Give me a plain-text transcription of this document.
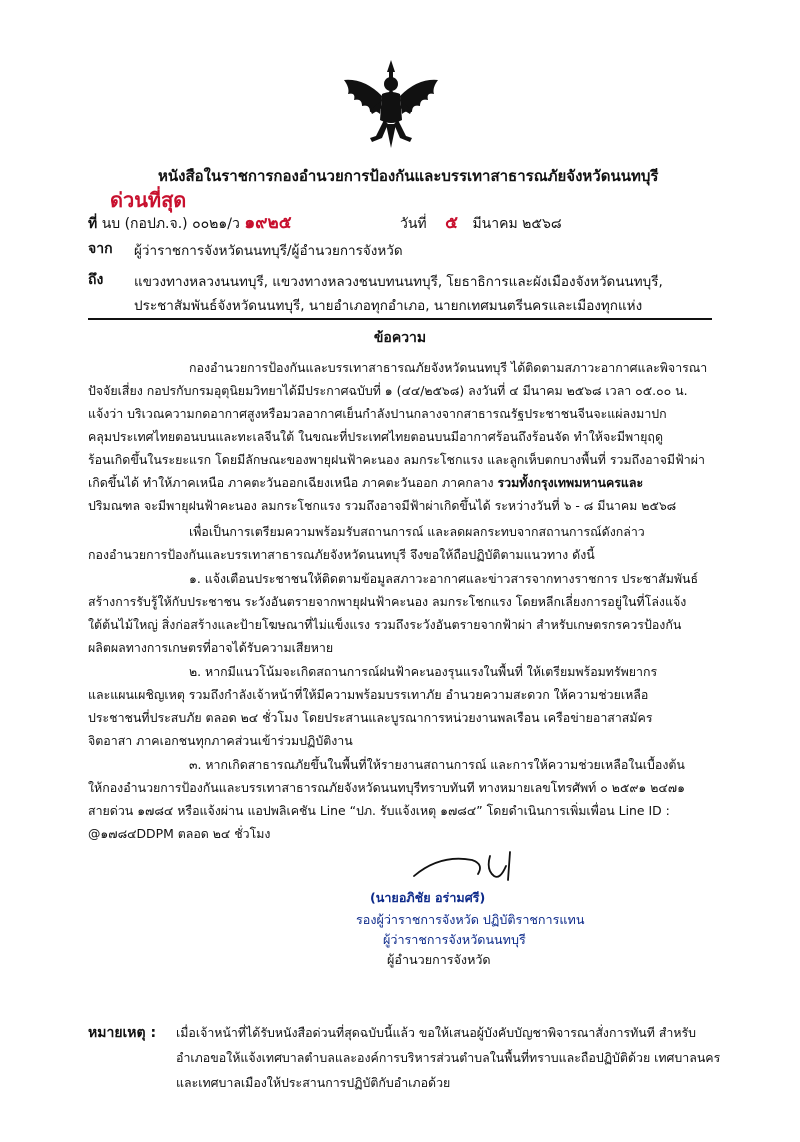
หนังสือในราชการกองอำนวยการป้องกันและบรรเทาสาธารณภัยจังหวัดนนทบุรี
ด่วนที่สุด
ที่ นบ (กอปภ.จ.) ๐๐๒๑/ว ๑๙๒๕	วันที่ ๕ มีนาคม ๒๕๖๘
จาก ผู้ว่าราชการจังหวัดนนทบุรี/ผู้อำนวยการจังหวัด
ถึง แขวงทางหลวงนนทบุรี, แขวงทางหลวงชนบทนนทบุรี, โยธาธิการและผังเมืองจังหวัดนนทบุรี,
ประชาสัมพันธ์จังหวัดนนทบุรี, นายอำเภอทุกอำเภอ, นายกเทศมนตรีนครและเมืองทุกแห่ง
ข้อความ
กองอำนวยการป้องกันและบรรเทาสาธารณภัยจังหวัดนนทบุรี ได้ติดตามสภาวะอากาศและพิจารณา
ปัจจัยเสี่ยง กอปรกับกรมอุตุนิยมวิทยาได้มีประกาศฉบับที่ ๑ (๔๔/๒๕๖๘) ลงวันที่ ๔ มีนาคม ๒๕๖๘ เวลา ๐๕.๐๐ น.
แจ้งว่า บริเวณความกดอากาศสูงหรือมวลอากาศเย็นกำลังปานกลางจากสาธารณรัฐประชาชนจีนจะแผ่ลงมาปก
คลุมประเทศไทยตอนบนและทะเลจีนใต้ ในขณะที่ประเทศไทยตอนบนมีอากาศร้อนถึงร้อนจัด ทำให้จะมีพายุฤดู
ร้อนเกิดขึ้นในระยะแรก โดยมีลักษณะของพายุฝนฟ้าคะนอง ลมกระโชกแรง และลูกเห็บตกบางพื้นที่ รวมถึงอาจมีฟ้าผ่า
เกิดขึ้นได้ ทำให้ภาคเหนือ ภาคตะวันออกเฉียงเหนือ ภาคตะวันออก ภาคกลาง รวมทั้งกรุงเทพมหานครและ
ปริมณฑล จะมีพายุฝนฟ้าคะนอง ลมกระโชกแรง รวมถึงอาจมีฟ้าผ่าเกิดขึ้นได้ ระหว่างวันที่ ๖ - ๘ มีนาคม ๒๕๖๘
เพื่อเป็นการเตรียมความพร้อมรับสถานการณ์ และลดผลกระทบจากสถานการณ์ดังกล่าว
กองอำนวยการป้องกันและบรรเทาสาธารณภัยจังหวัดนนทบุรี จึงขอให้ถือปฏิบัติตามแนวทาง ดังนี้
๑. แจ้งเตือนประชาชนให้ติดตามข้อมูลสภาวะอากาศและข่าวสารจากทางราชการ ประชาสัมพันธ์
สร้างการรับรู้ให้กับประชาชน ระวังอันตรายจากพายุฝนฟ้าคะนอง ลมกระโชกแรง โดยหลีกเลี่ยงการอยู่ในที่โล่งแจ้ง
ใต้ต้นไม้ใหญ่ สิ่งก่อสร้างและป้ายโฆษณาที่ไม่แข็งแรง รวมถึงระวังอันตรายจากฟ้าผ่า สำหรับเกษตรกรควรป้องกัน
ผลิตผลทางการเกษตรที่อาจได้รับความเสียหาย
๒. หากมีแนวโน้มจะเกิดสถานการณ์ฝนฟ้าคะนองรุนแรงในพื้นที่ ให้เตรียมพร้อมทรัพยากร
และแผนเผชิญเหตุ รวมถึงกำลังเจ้าหน้าที่ให้มีความพร้อมบรรเทาภัย อำนวยความสะดวก ให้ความช่วยเหลือ
ประชาชนที่ประสบภัย ตลอด ๒๔ ชั่วโมง โดยประสานและบูรณาการหน่วยงานพลเรือน เครือข่ายอาสาสมัคร
จิตอาสา ภาคเอกชนทุกภาคส่วนเข้าร่วมปฏิบัติงาน
๓. หากเกิดสาธารณภัยขึ้นในพื้นที่ให้รายงานสถานการณ์ และการให้ความช่วยเหลือในเบื้องต้น
ให้กองอำนวยการป้องกันและบรรเทาสาธารณภัยจังหวัดนนทบุรีทราบทันที ทางหมายเลขโทรศัพท์ ๐ ๒๕๙๑ ๒๔๗๑
สายด่วน ๑๗๘๔ หรือแจ้งผ่าน แอปพลิเคชัน Line “ปภ. รับแจ้งเหตุ ๑๗๘๔” โดยดำเนินการเพิ่มเพื่อน Line ID :
@๑๗๘๔DDPM ตลอด ๒๔ ชั่วโมง
(นายอภิชัย อร่ามศรี)
รองผู้ว่าราชการจังหวัด ปฏิบัติราชการแทน
ผู้ว่าราชการจังหวัดนนทบุรี
ผู้อำนวยการจังหวัด
หมายเหตุ : เมื่อเจ้าหน้าที่ได้รับหนังสือด่วนที่สุดฉบับนี้แล้ว ขอให้เสนอผู้บังคับบัญชาพิจารณาสั่งการทันที สำหรับ
อำเภอขอให้แจ้งเทศบาลตำบลและองค์การบริหารส่วนตำบลในพื้นที่ทราบและถือปฏิบัติด้วย เทศบาลนคร
และเทศบาลเมืองให้ประสานการปฏิบัติกับอำเภอด้วย
